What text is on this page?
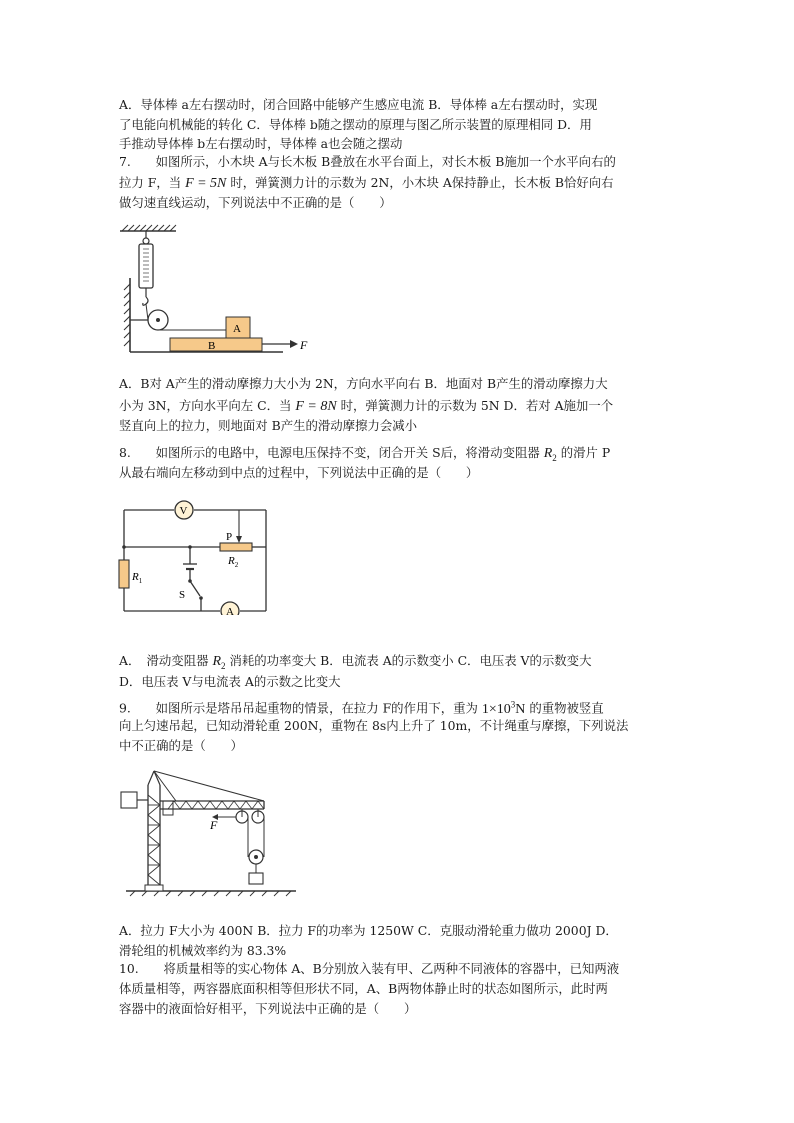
A．导体棒 a左右摆动时，闭合回路中能够产生感应电流 B．导体棒 a左右摆动时，实现
了电能向机械能的转化 C．导体棒 b随之摆动的原理与图乙所示装置的原理相同 D．用
手推动导体棒 b左右摆动时，导体棒 a也会随之摆动
7.　　如图所示，小木块 A与长木板 B叠放在水平台面上，对长木板 B施加一个水平向右的
拉力 F，当 F = 5N 时，弹簧测力计的示数为 2N，小木块 A保持静止，长木板 B恰好向右
做匀速直线运动，下列说法中不正确的是（　　）
B
A
F
A．B对 A产生的滑动摩擦力大小为 2N，方向水平向右 B．地面对 B产生的滑动摩擦力大
小为 3N，方向水平向左 C．当 F = 8N 时，弹簧测力计的示数为 5N D．若对 A施加一个
竖直向上的拉力，则地面对 B产生的滑动摩擦力会减小
8.　　如图所示的电路中，电源电压保持不变，闭合开关 S后，将滑动变阻器 $R_2$ 的滑片 P
从最右端向左移动到中点的过程中，下列说法中正确的是（　　）
V
A
$R_1$
P
$R_2$
S
A．　滑动变阻器 $R_2$ 消耗的功率变大 B．电流表 A的示数变小 C．电压表 V的示数变大
D．电压表 V与电流表 A的示数之比变大
9.　　如图所示是塔吊吊起重物的情景，在拉力 F的作用下，重为 $1\times 10^3N$ 的重物被竖直
向上匀速吊起，已知动滑轮重 200N，重物在 8s内上升了 10m，不计绳重与摩擦，下列说法
中不正确的是（　　）
F
A．拉力 F大小为 400N B．拉力 F的功率为 1250W C．克服动滑轮重力做功 2000J D．
滑轮组的机械效率约为 83.3%
10.　　将质量相等的实心物体 A、B分别放入装有甲、乙两种不同液体的容器中，已知两液
体质量相等，两容器底面积相等但形状不同，A、B两物体静止时的状态如图所示，此时两
容器中的液面恰好相平，下列说法中正确的是（　　）
